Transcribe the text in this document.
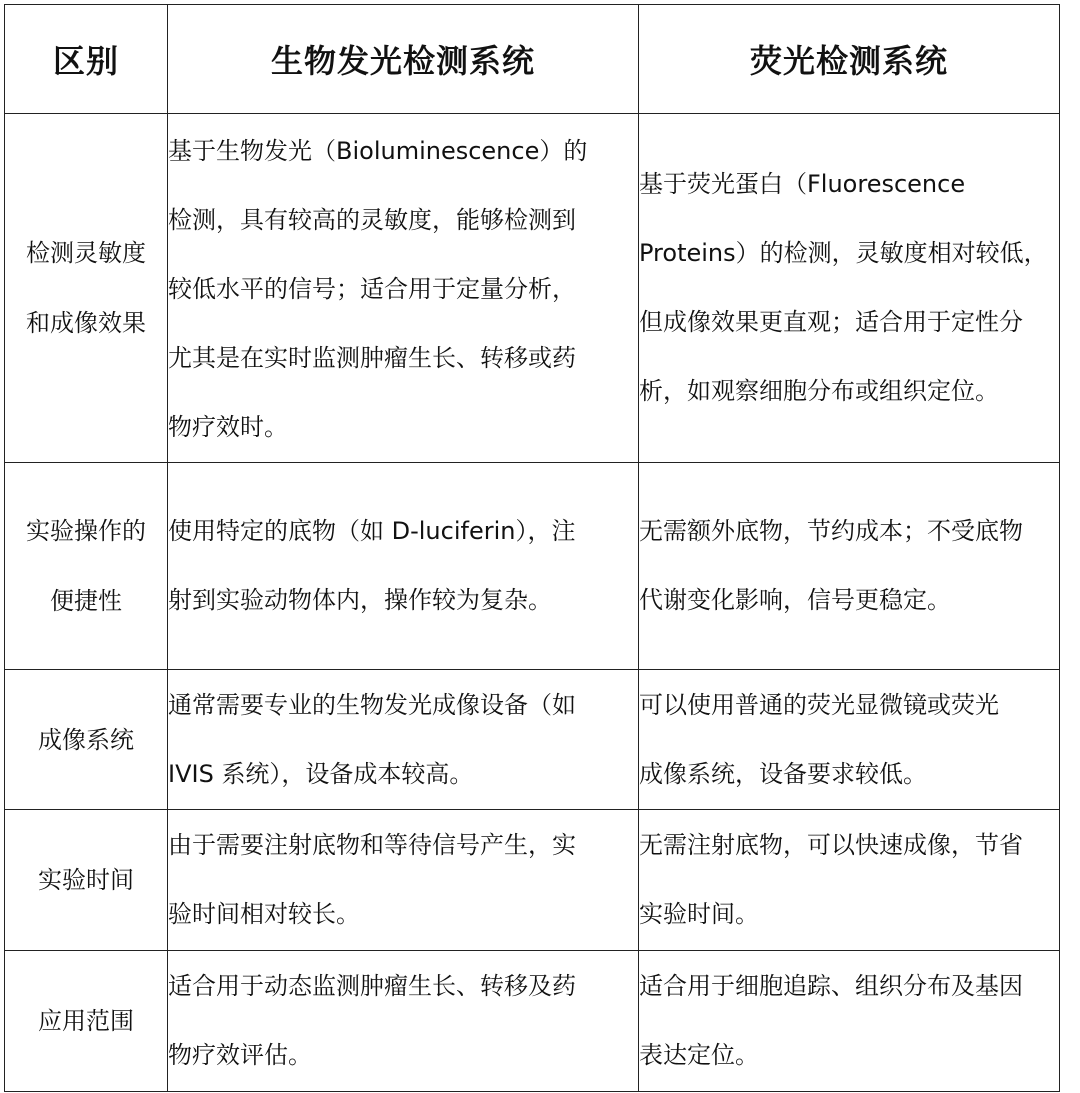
区别	生物发光检测系统	荧光检测系统

检测灵敏度
和成像效果	基于生物发光（Bioluminescence）的
检测，具有较高的灵敏度，能够检测到
较低水平的信号；适合用于定量分析，
尤其是在实时监测肿瘤生长、转移或药
物疗效时。	基于荧光蛋白（Fluorescence
Proteins）的检测，灵敏度相对较低，
但成像效果更直观；适合用于定性分
析，如观察细胞分布或组织定位。

实验操作的
便捷性	使用特定的底物（如 D-luciferin），注
射到实验动物体内，操作较为复杂。	无需额外底物，节约成本；不受底物
代谢变化影响，信号更稳定。

成像系统	通常需要专业的生物发光成像设备（如
IVIS 系统），设备成本较高。	可以使用普通的荧光显微镜或荧光
成像系统，设备要求较低。

实验时间	由于需要注射底物和等待信号产生，实
验时间相对较长。	无需注射底物，可以快速成像，节省
实验时间。

应用范围	适合用于动态监测肿瘤生长、转移及药
物疗效评估。	适合用于细胞追踪、组织分布及基因
表达定位。
